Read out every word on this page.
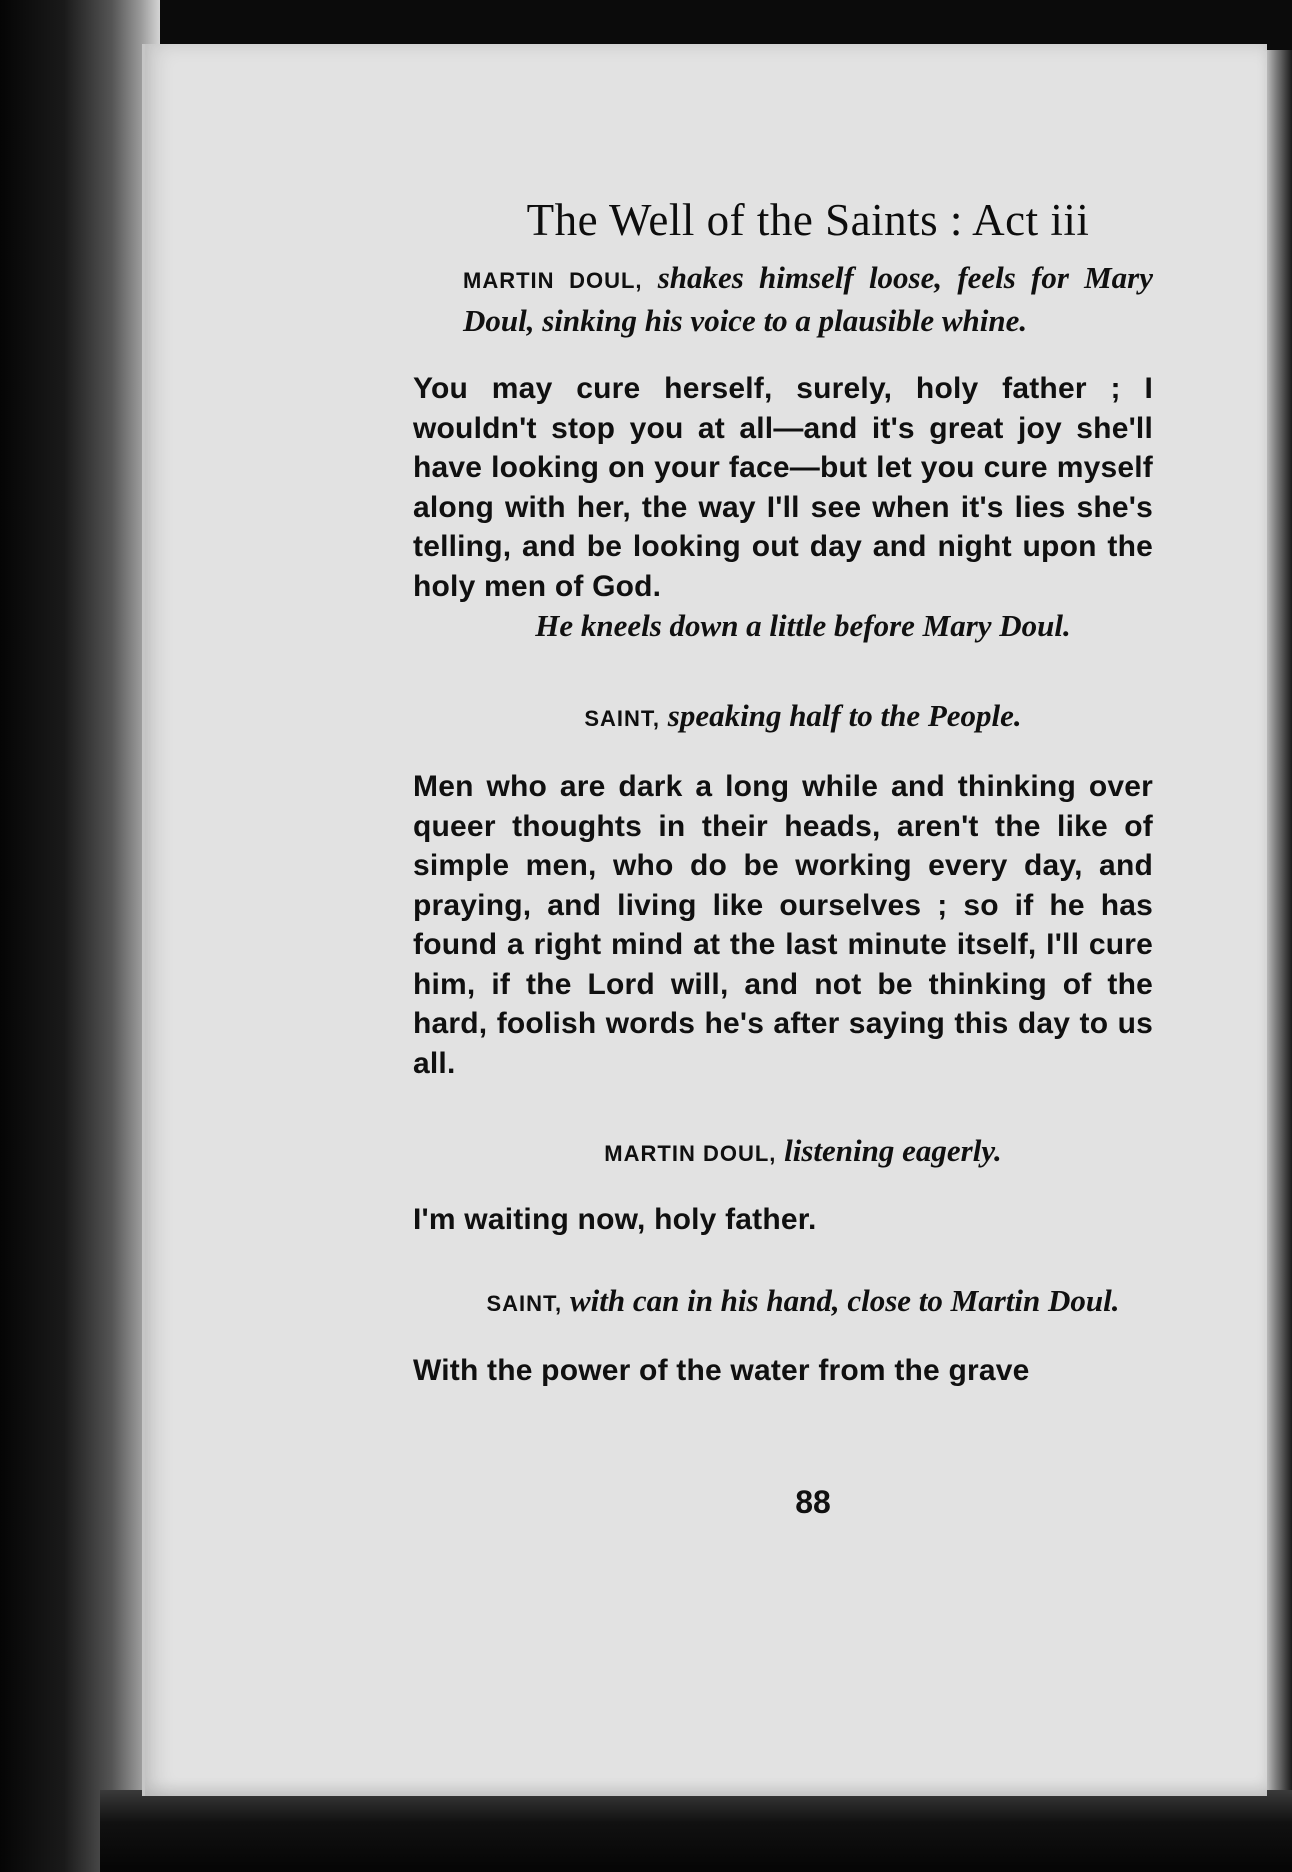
The Well of the Saints : Act iii

MARTIN DOUL, shakes himself loose, feels for Mary Doul, sinking his voice to a plausible whine.

You may cure herself, surely, holy father ; I wouldn't stop you at all—and it's great joy she'll have looking on your face—but let you cure myself along with her, the way I'll see when it's lies she's telling, and be looking out day and night upon the holy men of God.

He kneels down a little before Mary Doul.

SAINT, speaking half to the People.

Men who are dark a long while and thinking over queer thoughts in their heads, aren't the like of simple men, who do be working every day, and praying, and living like ourselves ; so if he has found a right mind at the last minute itself, I'll cure him, if the Lord will, and not be thinking of the hard, foolish words he's after saying this day to us all.

MARTIN DOUL, listening eagerly.

I'm waiting now, holy father.

SAINT, with can in his hand, close to Martin Doul.

With the power of the water from the grave

88
